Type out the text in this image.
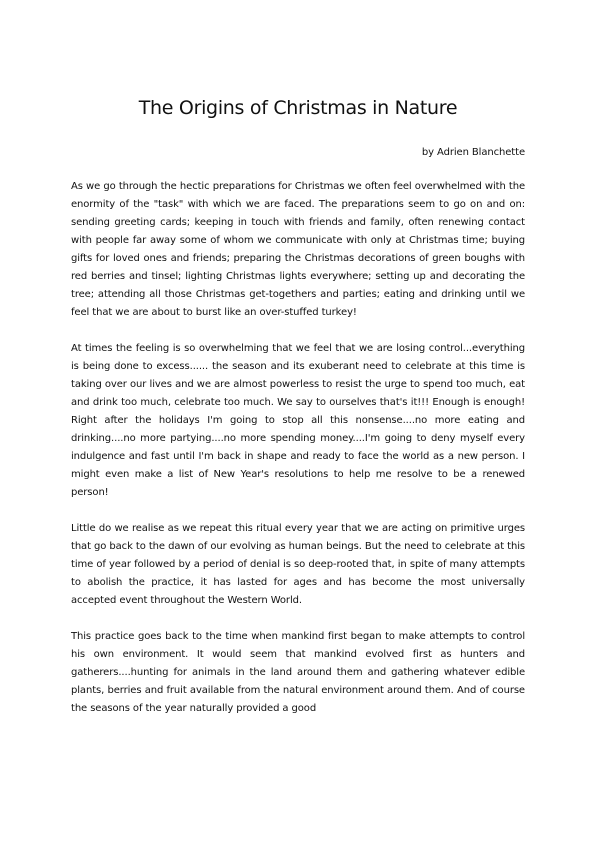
The Origins of Christmas in Nature
by Adrien Blanchette

As we go through the hectic preparations for Christmas we often feel overwhelmed with the enormity of the "task" with which we are faced. The preparations seem to go on and on: sending greeting cards; keeping in touch with friends and family, often renewing contact with people far away some of whom we communicate with only at Christmas time; buying gifts for loved ones and friends; preparing the Christmas decorations of green boughs with red berries and tinsel; lighting Christmas lights everywhere; setting up and decorating the tree; attending all those Christmas get-togethers and parties; eating and drinking until we feel that we are about to burst like an over-stuffed turkey!

At times the feeling is so overwhelming that we feel that we are losing control...everything is being done to excess...... the season and its exuberant need to celebrate at this time is taking over our lives and we are almost powerless to resist the urge to spend too much, eat and drink too much, celebrate too much. We say to ourselves that's it!!! Enough is enough! Right after the holidays I'm going to stop all this nonsense....no more eating and drinking....no more partying....no more spending money....I'm going to deny myself every indulgence and fast until I'm back in shape and ready to face the world as a new person. I might even make a list of New Year's resolutions to help me resolve to be a renewed person!

Little do we realise as we repeat this ritual every year that we are acting on primitive urges that go back to the dawn of our evolving as human beings. But the need to celebrate at this time of year followed by a period of denial is so deep-rooted that, in spite of many attempts to abolish the practice, it has lasted for ages and has become the most universally accepted event throughout the Western World.

This practice goes back to the time when mankind first began to make attempts to control his own environment. It would seem that mankind evolved first as hunters and gatherers....hunting for animals in the land around them and gathering whatever edible plants, berries and fruit available from the natural environment around them. And of course the seasons of the year naturally provided a good
